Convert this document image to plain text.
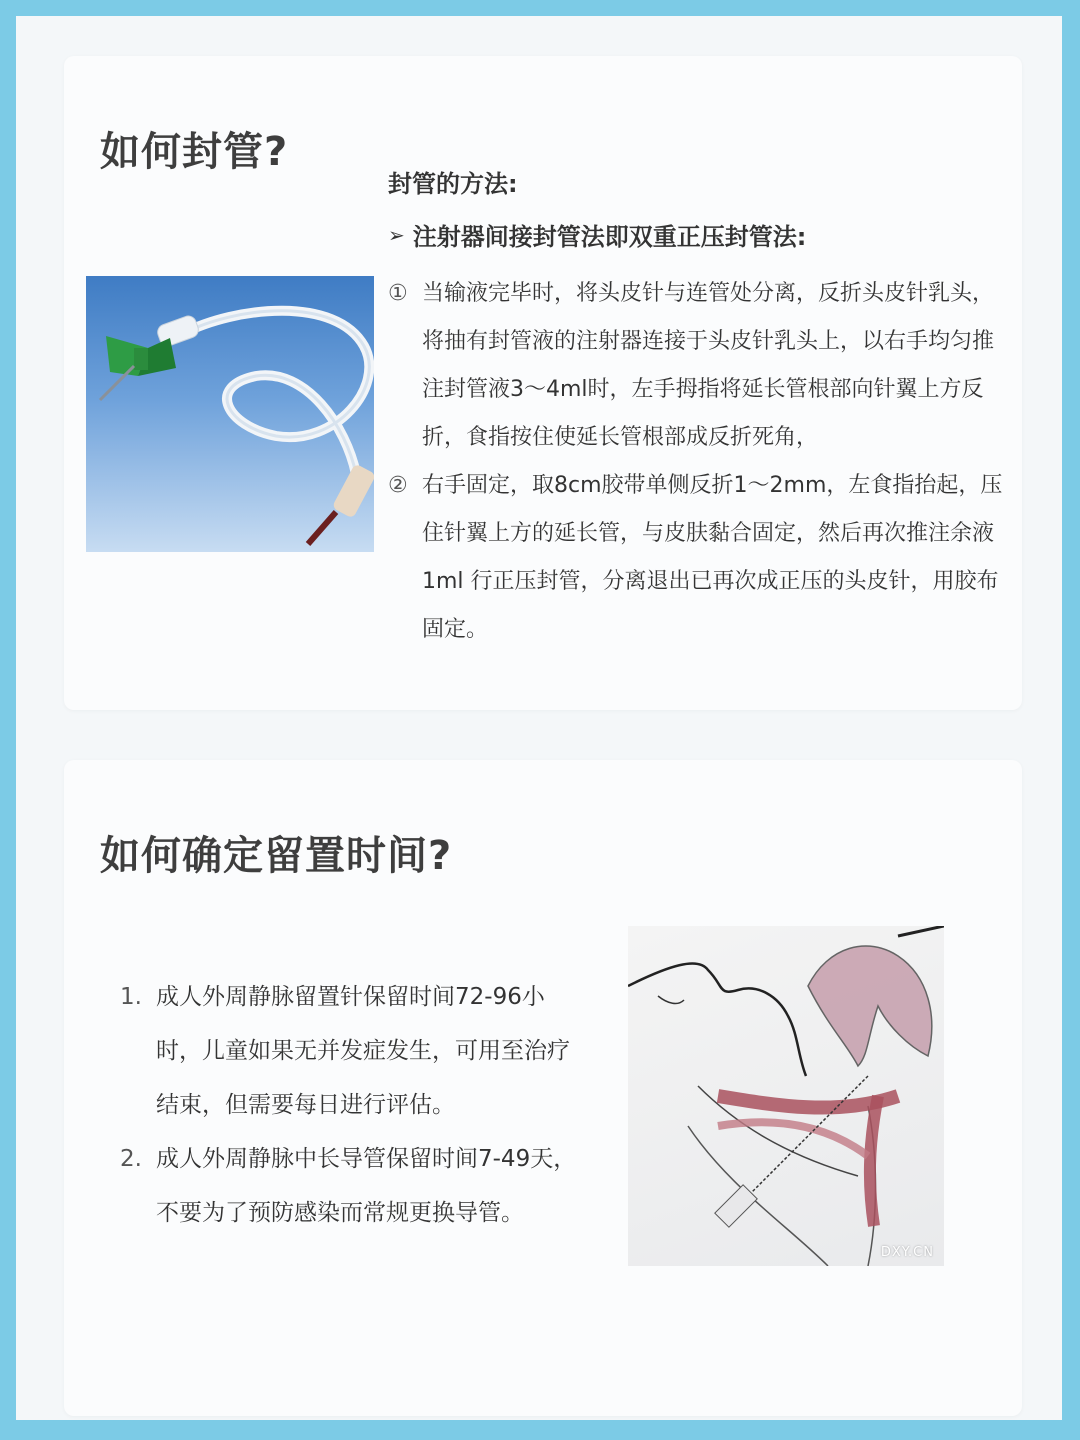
如何封管?
封管的方法:
➢ 注射器间接封管法即双重正压封管法:
① 当输液完毕时，将头皮针与连管处分离，反折头皮针乳头，将抽有封管液的注射器连接于头皮针乳头上，以右手均匀推注封管液3～4ml时，左手拇指将延长管根部向针翼上方反折，食指按住使延长管根部成反折死角，
② 右手固定，取8cm胶带单侧反折1～2mm，左食指抬起，压住针翼上方的延长管，与皮肤黏合固定，然后再次推注余液1ml 行正压封管，分离退出已再次成正压的头皮针，用胶布固定。
如何确定留置时间?
1. 成人外周静脉留置针保留时间72-96小时，儿童如果无并发症发生，可用至治疗结束，但需要每日进行评估。
2. 成人外周静脉中长导管保留时间7-49天，不要为了预防感染而常规更换导管。
DXY.CN
